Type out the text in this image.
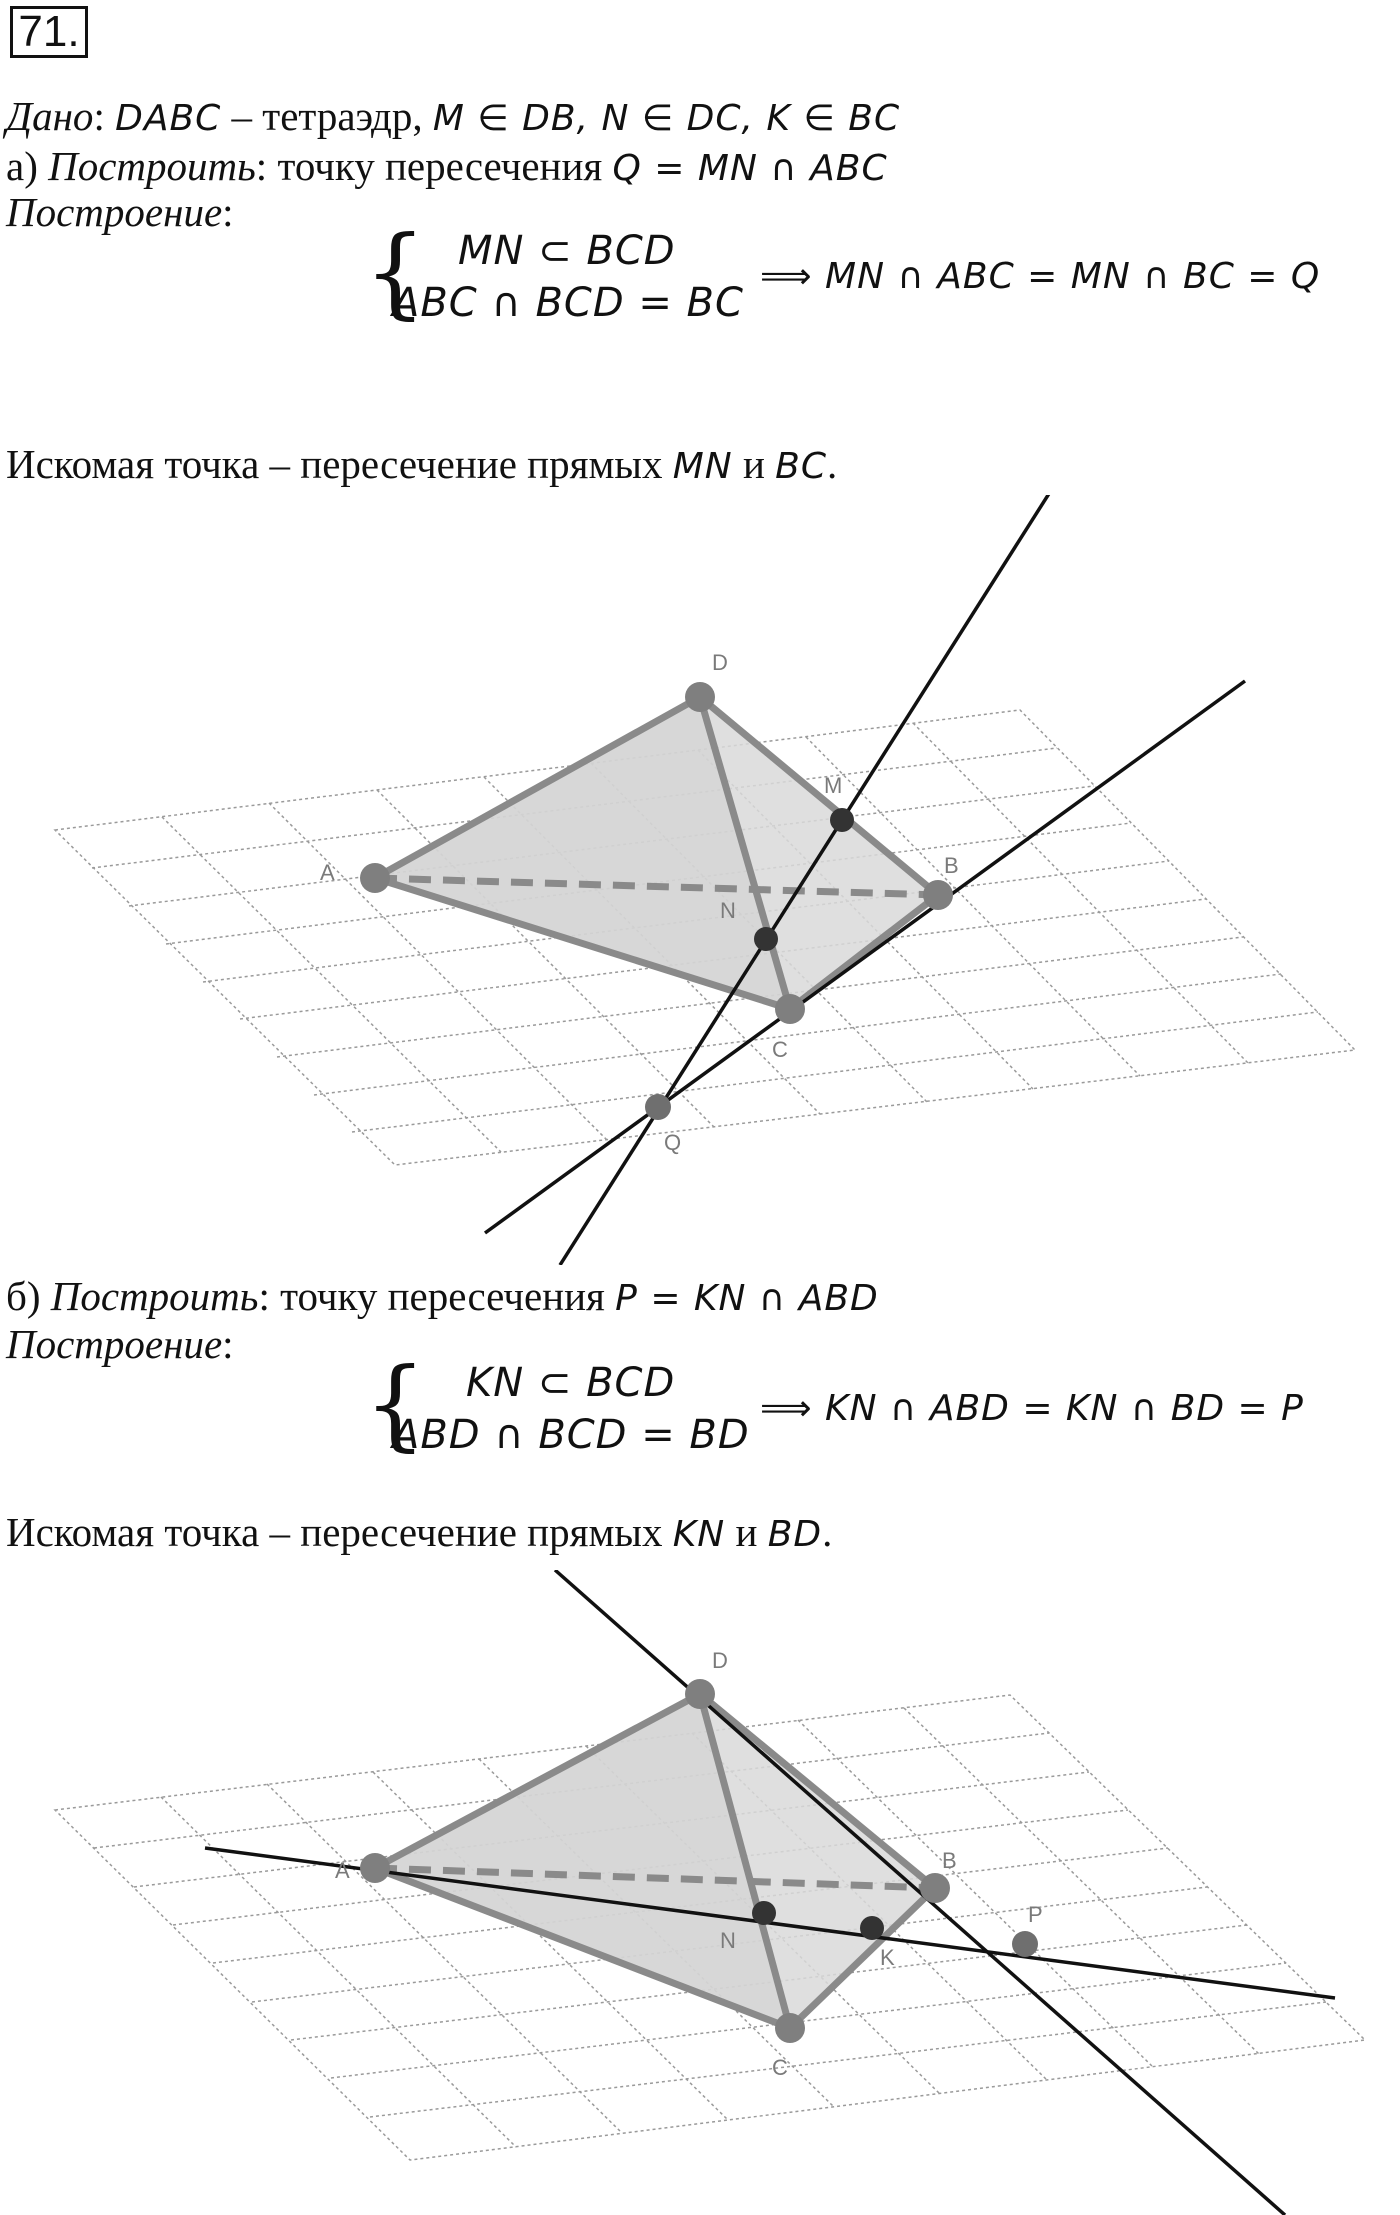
71.
Дано: DABC – тетраэдр, M ∈ DB, N ∈ DC, K ∈ BC
а) Построить: точку пересечения Q = MN ∩ ABC
Построение:
{ MN ⊂ BCD
ABC ∩ BCD = BC
⟹ MN ∩ ABC = MN ∩ BC = Q
Искомая точка – пересечение прямых MN и BC.
D
M
A	B
N
C
Q
б) Построить: точку пересечения P = KN ∩ ABD
Построение:
{ KN ⊂ BCD
ABD ∩ BCD = BD
⟹ KN ∩ ABD = KN ∩ BD = P
Искомая точка – пересечение прямых KN и BD.
D
A	B
N
K
P
C
